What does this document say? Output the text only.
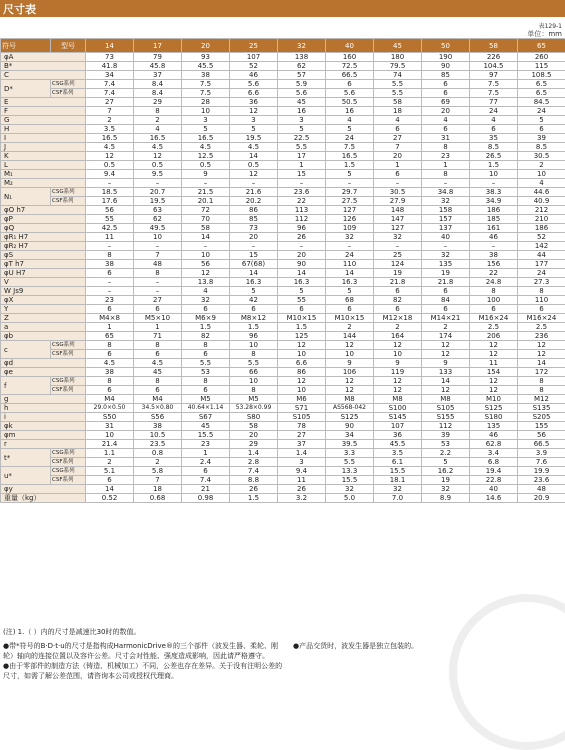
尺寸表
表129-1
单位：mm
符号	型号	14	17	20	25	32	40	45	50	58	65
φA		73	79	93	107	138	160	180	190	226	260
B*		41.8	45.8	45.5	52	62	72.5	79.5	90	104.5	115
C		34	37	38	46	57	66.5	74	85	97	108.5
D*	CSG系列	7.4	8.4	7.5	5.6	5.9	6	5.5	6	7.5	6.5
	CSF系列	7.4	8.4	7.5	6.6	5.6	5.6	5.5	6	7.5	6.5
E		27	29	28	36	45	50.5	58	69	77	84.5
F		7	8	10	12	16	16	18	20	24	24
G		2	2	3	3	3	4	4	4	4	5
H		3.5	4	5	5	5	5	6	6	6	6
I		16.5	16.5	16.5	19.5	22.5	24	27	31	35	39
J		4.5	4.5	4.5	4.5	5.5	7.5	7	8	8.5	8.5
K		12	12	12.5	14	17	16.5	20	23	26.5	30.5
L		0.5	0.5	0.5	0.5	1	1.5	1	1	1.5	2
M₁		9.4	9.5	9	12	15	5	6	8	10	10
M₂		–	–	–	–	–	–	–	–	–	4
N₁	CSG系列	18.5	20.7	21.5	21.6	23.6	29.7	30.5	34.8	38.3	44.6
	CSF系列	17.6	19.5	20.1	20.2	22	27.5	27.9	32	34.9	40.9
φO h7		56	63	72	86	113	127	148	158	186	212
φP		55	62	70	85	112	126	147	157	185	210
φQ		42.5	49.5	58	73	96	109	127	137	161	186
φR₁ H7		11	10	14	20	26	32	32	40	46	52
φR₂ H7		–	–	–	–	–	–	–	–	–	142
φS		8	7	10	15	20	24	25	32	38	44
φT h7		38	48	56	67(68)	90	110	124	135	156	177
φU H7		6	8	12	14	14	14	19	19	22	24
V		–	–	13.8	16.3	16.3	16.3	21.8	21.8	24.8	27.3
W Js9		–	–	4	5	5	5	6	6	8	8
φX		23	27	32	42	55	68	82	84	100	110
Y		6	6	6	6	6	6	6	6	6	6
Z		M4×8	M5×10	M6×9	M8×12	M10×15	M10×15	M12×18	M14×21	M16×24	M16×24
a		1	1	1.5	1.5	1.5	2	2	2	2.5	2.5
φb		65	71	82	96	125	144	164	174	206	236
c	CSG系列	8	8	8	10	12	12	12	12	12	12
	CSF系列	6	6	6	8	10	10	10	12	12	12
φd		4.5	4.5	5.5	5.5	6.6	9	9	9	11	14
φe		38	45	53	66	86	106	119	133	154	172
f	CSG系列	8	8	8	10	12	12	12	14	12	8
	CSF系列	6	6	6	8	10	12	12	12	12	8
g		M4	M4	M5	M5	M6	M8	M8	M8	M10	M12
h		29.0×0.50	34.5×0.80	40.64×1.14	53.28×0.99	S71	AS568-042	S100	S105	S125	S135
i		S50	S56	S67	S80	S105	S125	S145	S155	S180	S205
φk		31	38	45	58	78	90	107	112	135	155
φm		10	10.5	15.5	20	27	34	36	39	46	56
r		21.4	23.5	23	29	37	39.5	45.5	53	62.8	66.5
t*	CSG系列	1.1	0.8	1	1.4	1.4	3.3	3.5	2.2	3.4	3.9
	CSF系列	2	2	2.4	2.8	3	5.5	6.1	5	6.8	7.6
u*	CSG系列	5.1	5.8	6	7.4	9.4	13.3	15.5	16.2	19.4	19.9
	CSF系列	6	7	7.4	8.8	11	15.5	18.1	19	22.8	23.6
φy		14	18	21	26	26	32	32	32	40	48
重量（kg）		0.52	0.68	0.98	1.5	3.2	5.0	7.0	8.9	14.6	20.9

(注) 1.（ ）内的尺寸是减速比30时的数值。

●带*符号的B·D·t·u的尺寸是指构成HarmonicDrive®的三个部件（波发生器、柔轮、刚轮）轴向的连接位置以及容许公差。尺寸会对性能、强度造成影响，因此请严格遵守。

●由于零部件的制造方法（铸造、机械加工）不同，公差也存在差异。关于没有注明公差的尺寸，如需了解公差范围，请咨询本公司或授权代理商。

●产品交货时，波发生器是独立包装的。
